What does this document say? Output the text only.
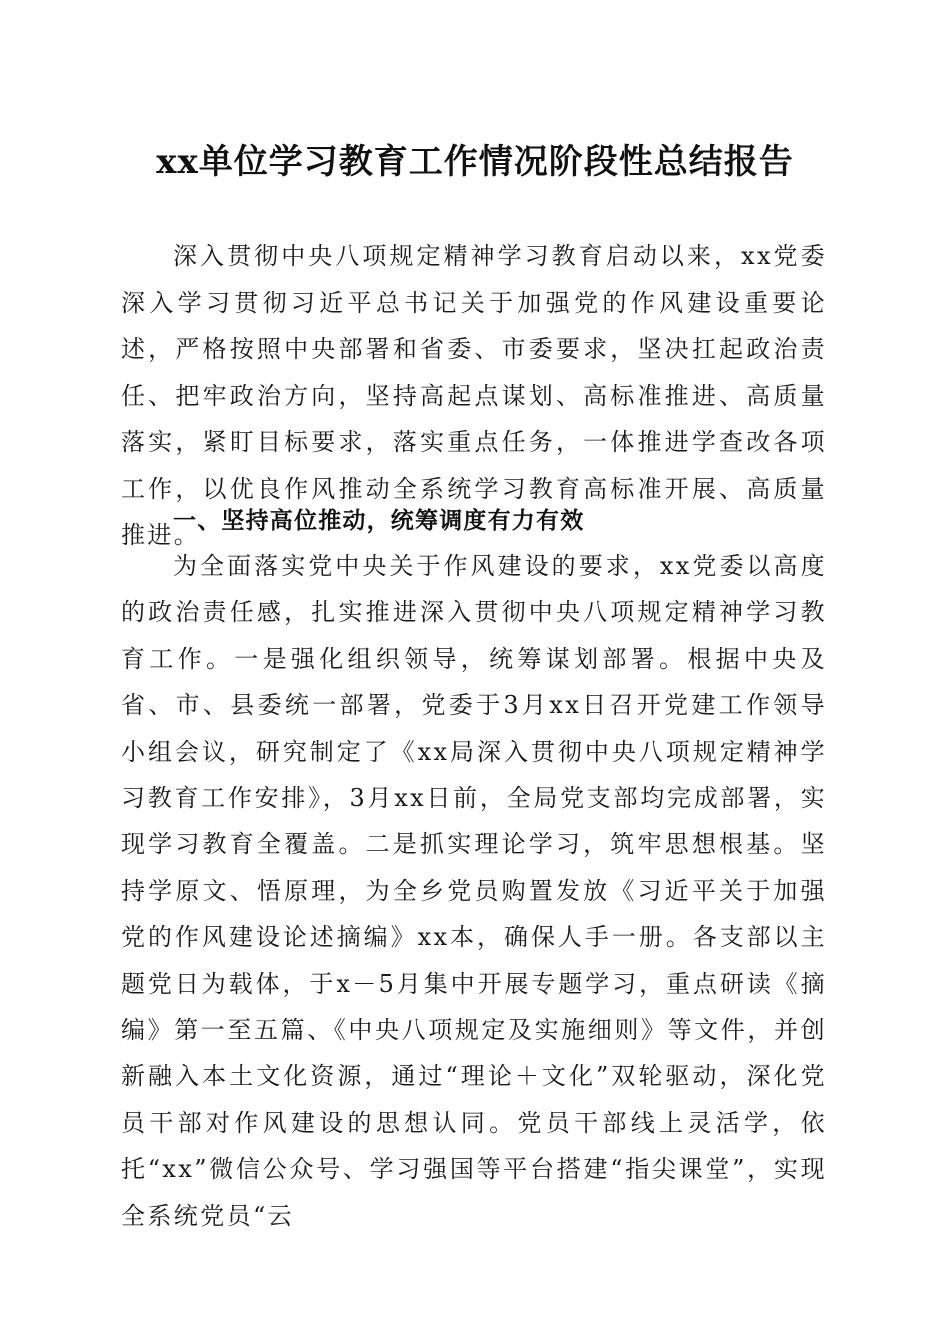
xx单位学习教育工作情况阶段性总结报告
深入贯彻中央八项规定精神学习教育启动以来，xx党委深入学习贯彻习近平总书记关于加强党的作风建设重要论述，严格按照中央部署和省委、市委要求，坚决扛起政治责任、把牢政治方向，坚持高起点谋划、高标准推进、高质量落实，紧盯目标要求，落实重点任务，一体推进学查改各项工作，以优良作风推动全系统学习教育高标准开展、高质量推进。
一、坚持高位推动，统筹调度有力有效
为全面落实党中央关于作风建设的要求，xx党委以高度的政治责任感，扎实推进深入贯彻中央八项规定精神学习教育工作。一是强化组织领导，统筹谋划部署。根据中央及省、市、县委统一部署，党委于3月xx日召开党建工作领导小组会议，研究制定了《xx局深入贯彻中央八项规定精神学习教育工作安排》，3月xx日前，全局党支部均完成部署，实现学习教育全覆盖。二是抓实理论学习，筑牢思想根基。坚持学原文、悟原理，为全乡党员购置发放《习近平关于加强党的作风建设论述摘编》xx本，确保人手一册。各支部以主题党日为载体，于x－5月集中开展专题学习，重点研读《摘编》第一至五篇、《中央八项规定及实施细则》等文件，并创新融入本土文化资源，通过“理论＋文化”双轮驱动，深化党员干部对作风建设的思想认同。党员干部线上灵活学，依托“xx”微信公众号、学习强国等平台搭建“指尖课堂”，实现全系统党员“云
